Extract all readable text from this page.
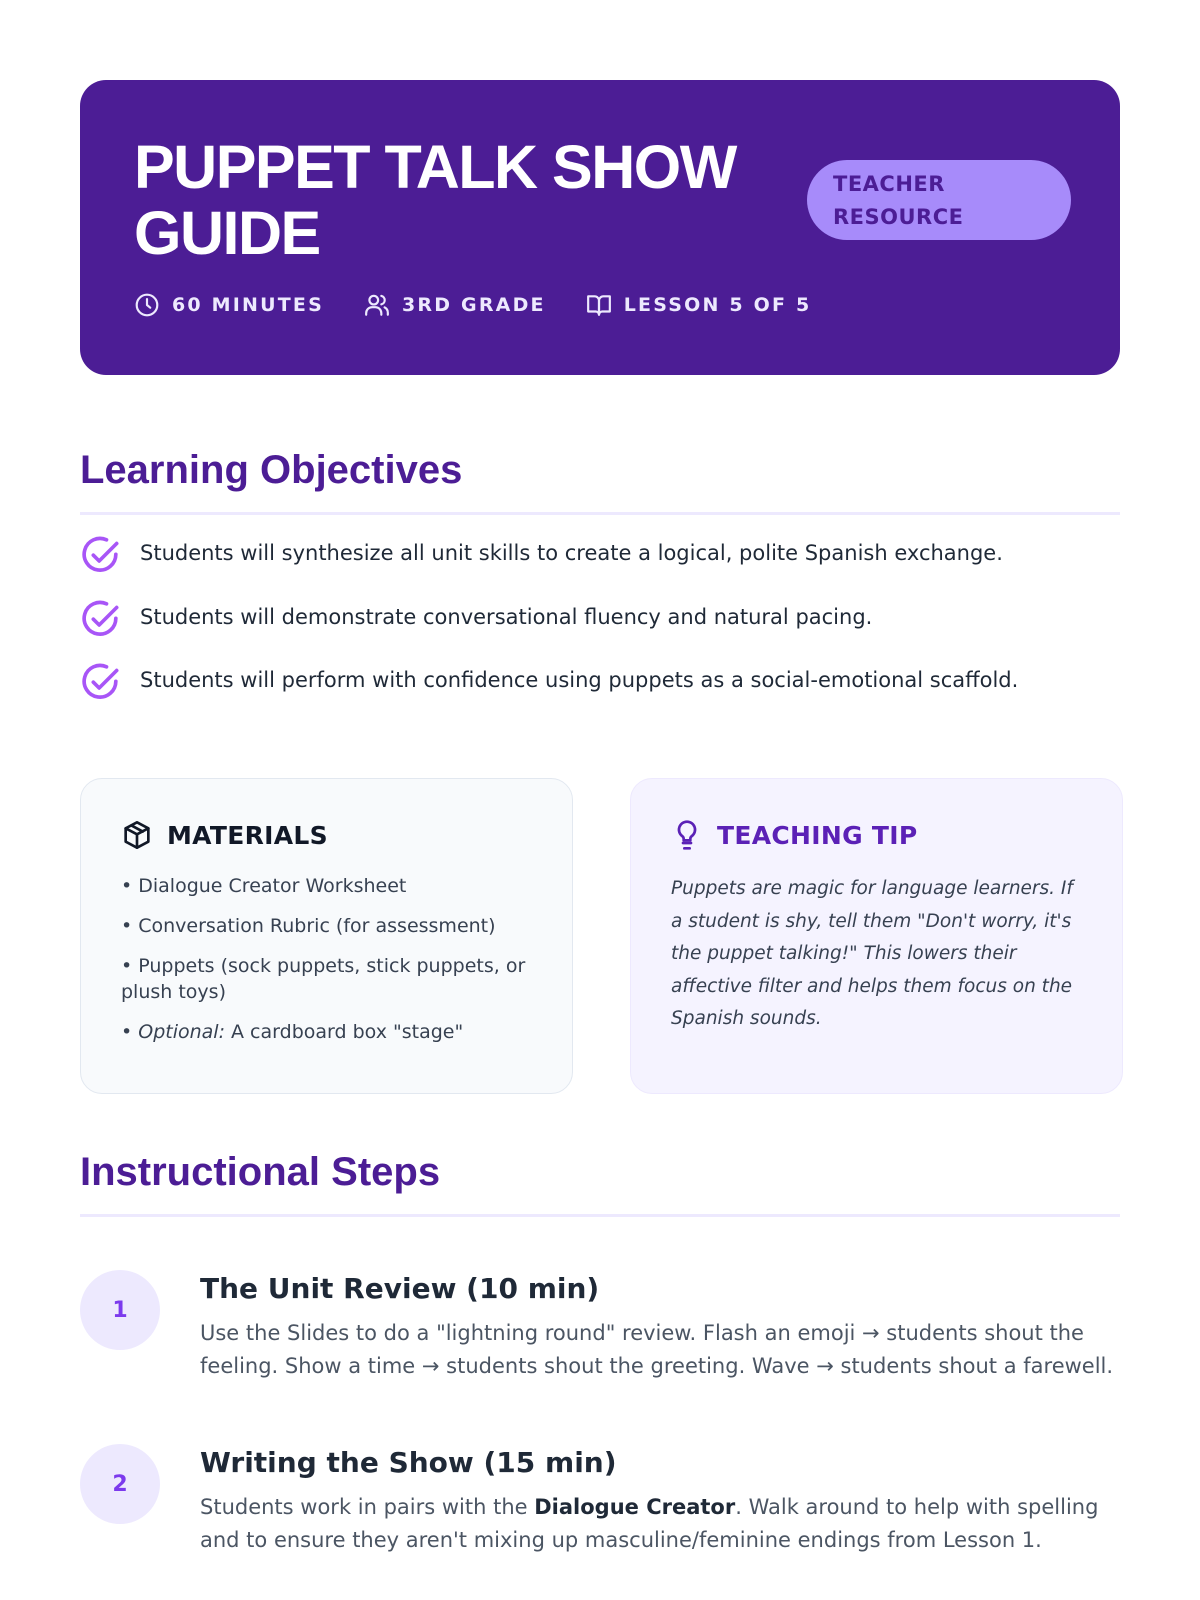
PUPPET TALK SHOW GUIDE
TEACHER RESOURCE
60 MINUTES	3RD GRADE	LESSON 5 OF 5
Learning Objectives
Students will synthesize all unit skills to create a logical, polite Spanish exchange.
Students will demonstrate conversational fluency and natural pacing.
Students will perform with confidence using puppets as a social-emotional scaffold.
MATERIALS
• Dialogue Creator Worksheet
• Conversation Rubric (for assessment)
• Puppets (sock puppets, stick puppets, or plush toys)
• Optional: A cardboard box "stage"
TEACHING TIP

Puppets are magic for language learners. If a student is shy, tell them "Don't worry, it's the puppet talking!" This lowers their affective filter and helps them focus on the Spanish sounds.

Instructional Steps
1
The Unit Review (10 min)

Use the Slides to do a "lightning round" review. Flash an emoji → students shout the feeling. Show a time → students shout the greeting. Wave → students shout a farewell.

2
Writing the Show (15 min)

Students work in pairs with the Dialogue Creator. Walk around to help with spelling and to ensure they aren't mixing up masculine/feminine endings from Lesson 1.
